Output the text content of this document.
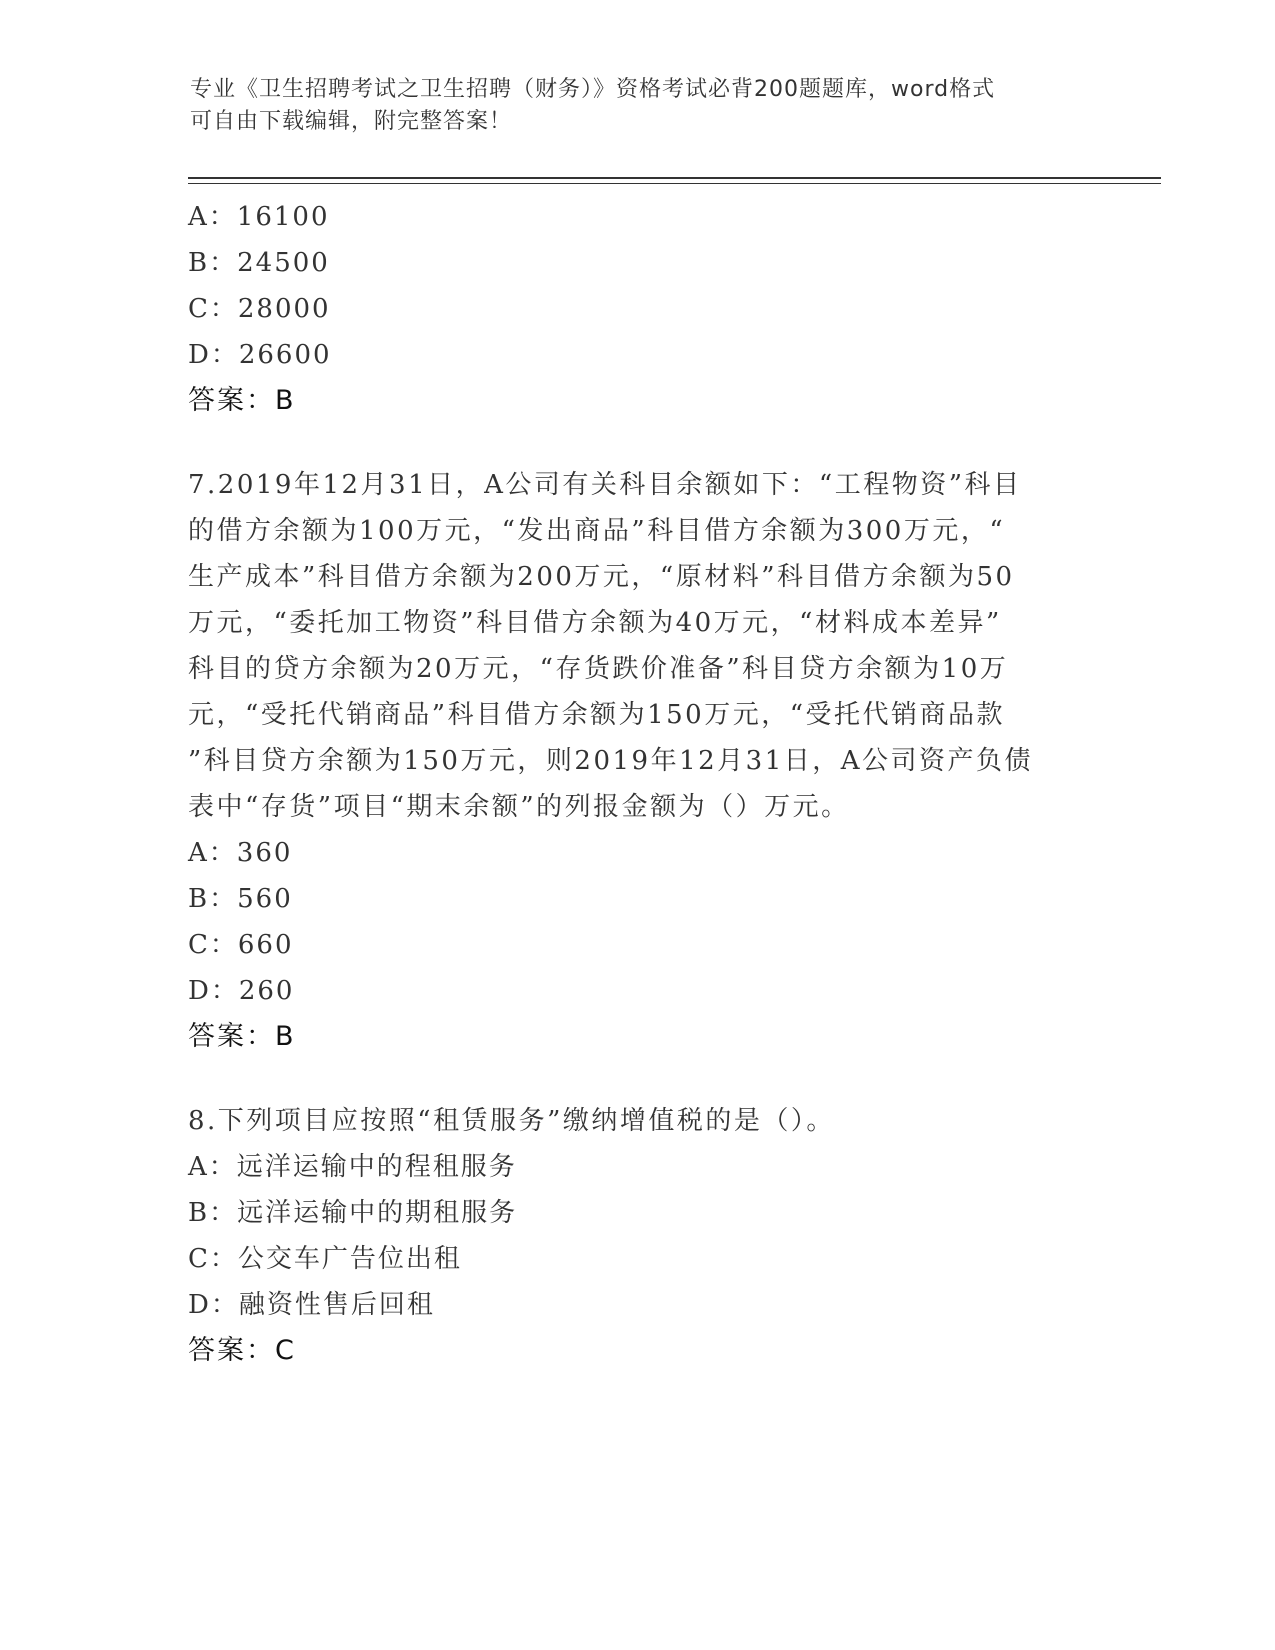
专业《卫生招聘考试之卫生招聘（财务）》资格考试必背200题题库，word格式
可自由下载编辑，附完整答案！
A：16100
B：24500
C：28000
D：26600
答案：B
7.2019年12月31日，A公司有关科目余额如下：“工程物资”科目
的借方余额为100万元，“发出商品”科目借方余额为300万元，“
生产成本”科目借方余额为200万元，“原材料”科目借方余额为50
万元，“委托加工物资”科目借方余额为40万元，“材料成本差异”
科目的贷方余额为20万元，“存货跌价准备”科目贷方余额为10万
元，“受托代销商品”科目借方余额为150万元，“受托代销商品款
”科目贷方余额为150万元，则2019年12月31日，A公司资产负债
表中“存货”项目“期末余额”的列报金额为（）万元。
A：360
B：560
C：660
D：260
答案：B
8.下列项目应按照“租赁服务”缴纳增值税的是（）。
A：远洋运输中的程租服务
B：远洋运输中的期租服务
C：公交车广告位出租
D：融资性售后回租
答案：C
